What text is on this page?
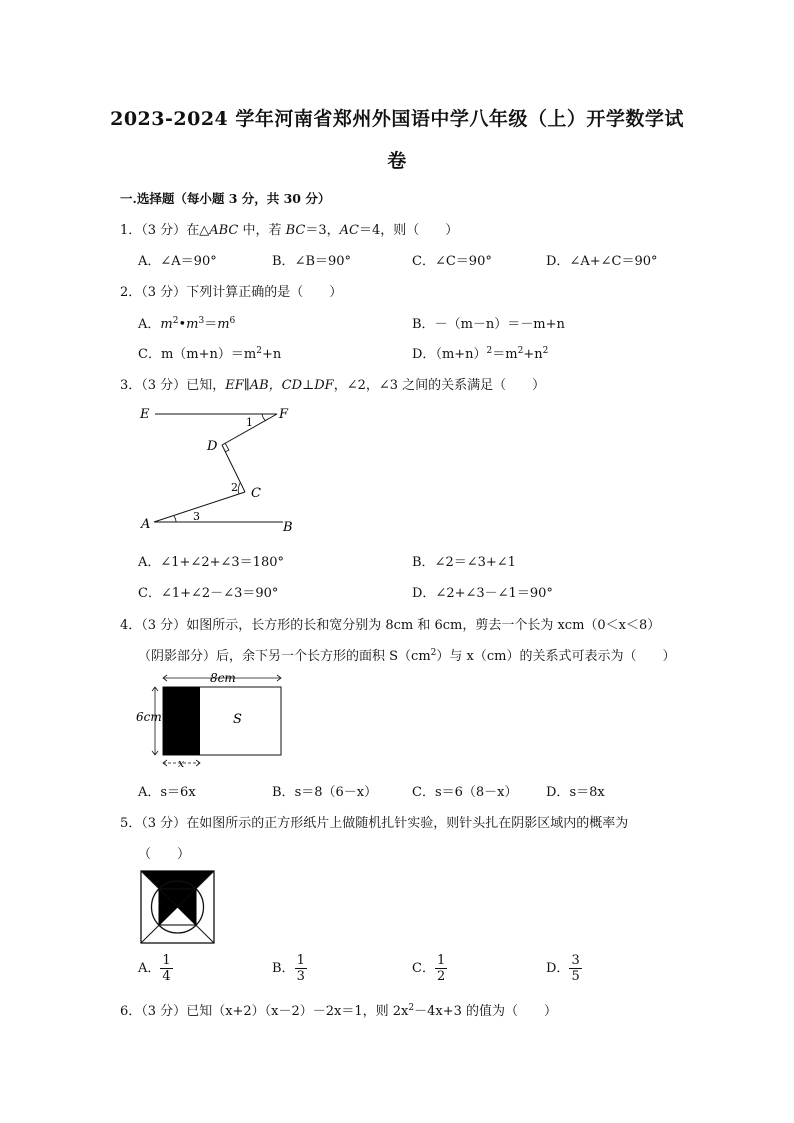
2023-2024 学年河南省郑州外国语中学八年级（上）开学数学试
卷
一.选择题（每小题 3 分，共 30 分）
1．（3 分）在△ABC 中，若 BC＝3，AC＝4，则（　　）
A．∠A＝90°	B．∠B＝90°	C．∠C＝90°	D．∠A+∠C＝90°
2．（3 分）下列计算正确的是（　　）
A．$m^2•m^3=m^6$	B．－（m－n）＝－m+n
C．$m(m+n)=m^2+n$	D．$(m+n)^2=m^2+n^2$
3．（3 分）已知，EF∥AB，CD⊥DF，∠2，∠3 之间的关系满足（　　）
E	F
D
C
A	B
1
2
3
A．∠1+∠2+∠3＝180°	B．∠2＝∠3+∠1
C．∠1+∠2－∠3＝90°	D．∠2+∠3－∠1＝90°
4．（3 分）如图所示，长方形的长和宽分别为 8cm 和 6cm，剪去一个长为 xcm（0＜x＜8）
（阴影部分）后，余下另一个长方形的面积 $S(cm^2)$与 x（cm）的关系式可表示为（　　）
8cm
6cm	S
x
A．s＝6x	B．s＝8（6－x）	C．s＝6（8－x） D．s＝8x
5．（3 分）在如图所示的正方形纸片上做随机扎针实验，则针头扎在阴影区域内的概率为
（　　）
A． $\frac{1}{4}$	B． $\frac{1}{3}$	C． $\frac{1}{2}$	D． $\frac{3}{5}$
6．（3 分）已知（x+2）（x－2）－2x＝1，则 $2x^2-4x+3$ 的值为（　　）
